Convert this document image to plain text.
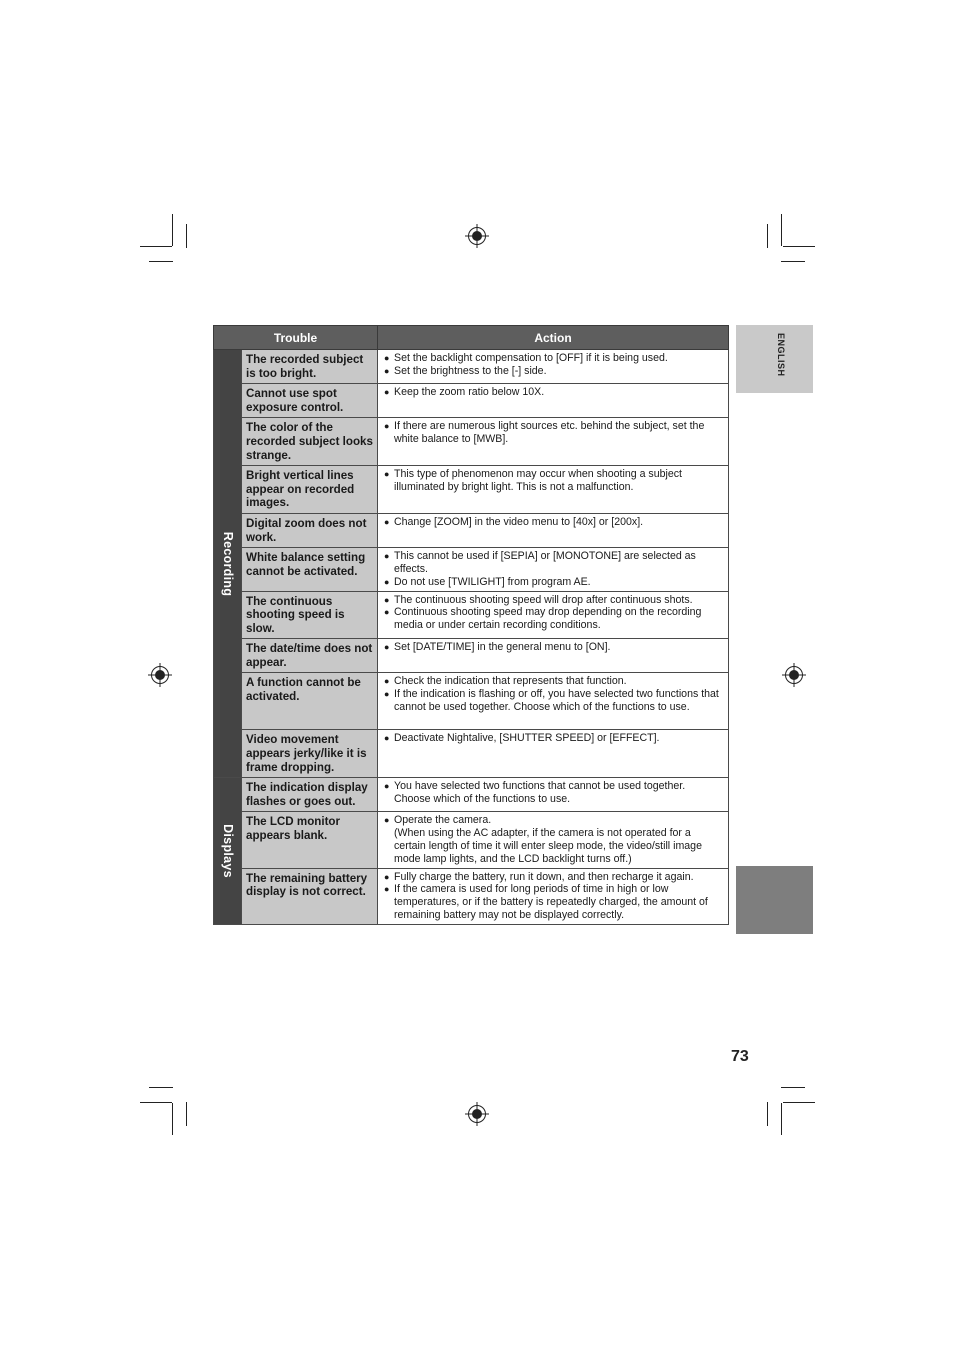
ENGLISH
Trouble		Action

Recording	The recorded subject is too bright.	● Set the backlight compensation to [OFF] if it is being used.
● Set the brightness to the [-] side.

	Cannot use spot exposure control.	● Keep the zoom ratio below 10X.

	The color of the recorded subject looks strange.	● If there are numerous light sources etc. behind the subject, set the white balance to [MWB].

	Bright vertical lines appear on recorded images.	● This type of phenomenon may occur when shooting a subject illuminated by bright light. This is not a malfunction.

	Digital zoom does not work.	● Change [ZOOM] in the video menu to [40x] or [200x].

	White balance setting cannot be activated.	● This cannot be used if [SEPIA] or [MONOTONE] are selected as effects.
● Do not use [TWILIGHT] from program AE.

	The continuous shooting speed is slow.	● The continuous shooting speed will drop after continuous shots.
● Continuous shooting speed may drop depending on the recording media or under certain recording conditions.

	The date/time does not appear.	● Set [DATE/TIME] in the general menu to [ON].

	A function cannot be activated.	● Check the indication that represents that function.
● If the indication is flashing or off, you have selected two functions that cannot be used together. Choose which of the functions to use.

	Video movement appears jerky/like it is frame dropping.	● Deactivate Nightalive, [SHUTTER SPEED] or [EFFECT].

Displays	The indication display flashes or goes out.	● You have selected two functions that cannot be used together. Choose which of the functions to use.

	The LCD monitor appears blank.	● Operate the camera.
(When using the AC adapter, if the camera is not operated for a certain length of time it will enter sleep mode, the video/still image mode lamp lights, and the LCD backlight turns off.)

	The remaining battery display is not correct.	● Fully charge the battery, run it down, and then recharge it again.
● If the camera is used for long periods of time in high or low temperatures, or if the battery is repeatedly charged, the amount of remaining battery may not be displayed correctly.
73
